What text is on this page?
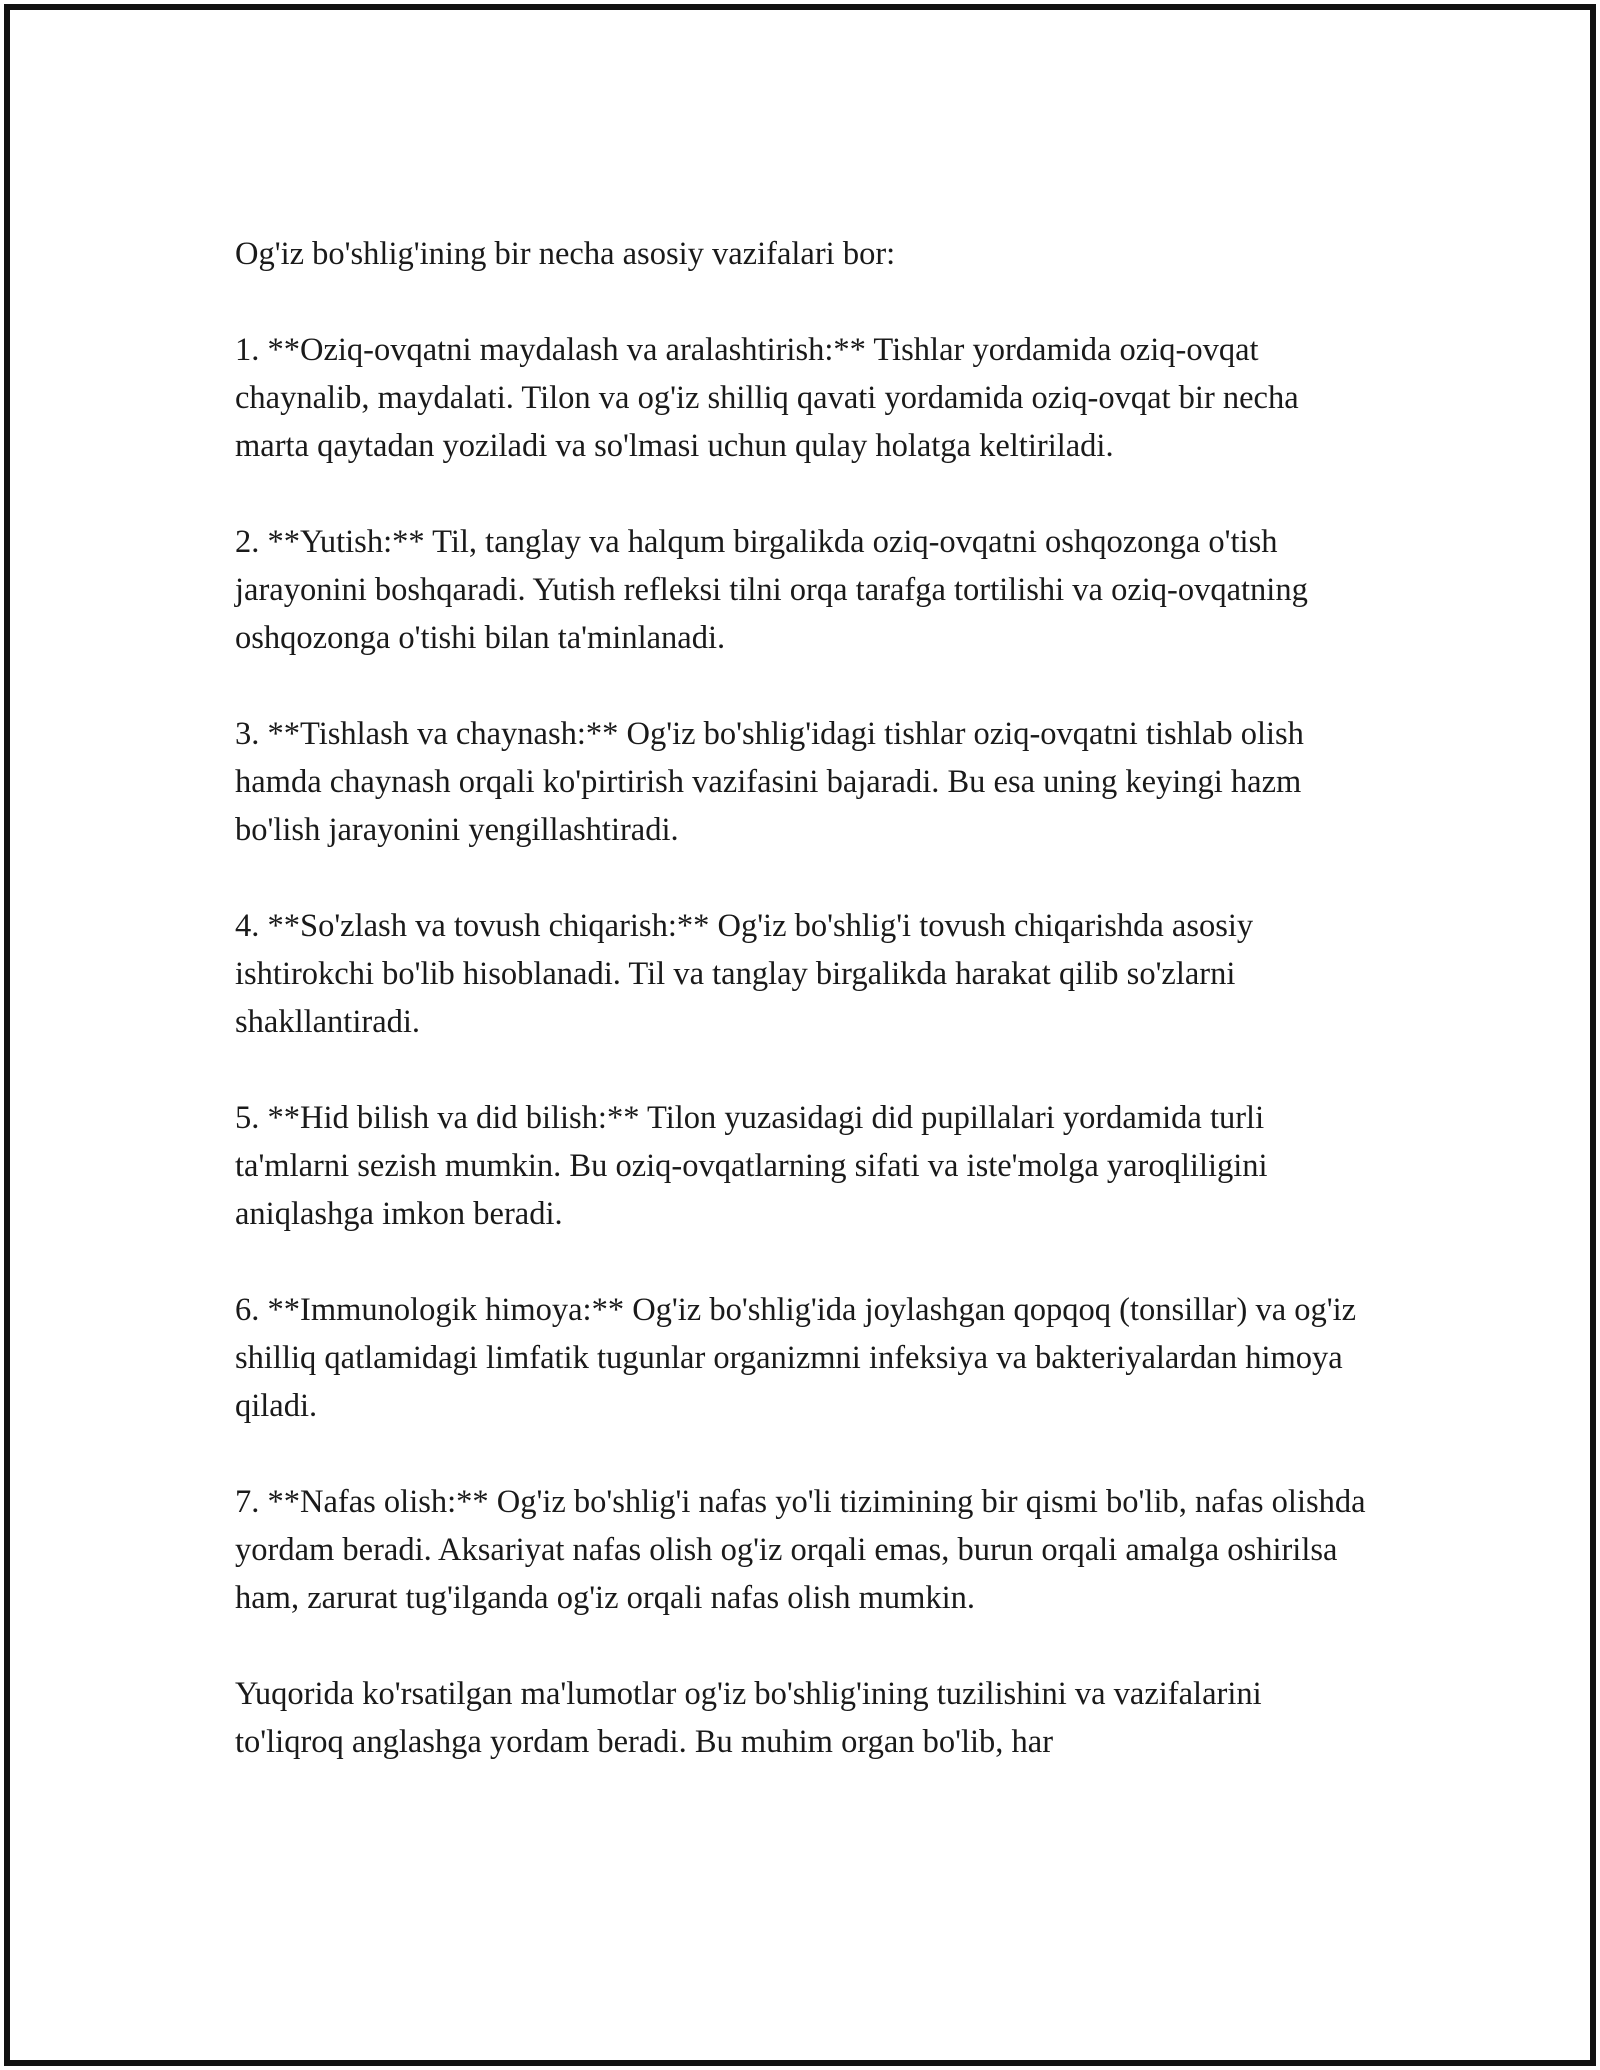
Og'iz bo'shlig'ining bir necha asosiy vazifalari bor:

1. **Oziq-ovqatni maydalash va aralashtirish:** Tishlar yordamida oziq-ovqat chaynalib, maydalati. Tilon va og'iz shilliq qavati yordamida oziq-ovqat bir necha marta qaytadan yoziladi va so'lmasi uchun qulay holatga keltiriladi.

2. **Yutish:** Til, tanglay va halqum birgalikda oziq-ovqatni oshqozonga o'tish jarayonini boshqaradi. Yutish refleksi tilni orqa tarafga tortilishi va oziq-ovqatning oshqozonga o'tishi bilan ta'minlanadi.

3. **Tishlash va chaynash:** Og'iz bo'shlig'idagi tishlar oziq-ovqatni tishlab olish hamda chaynash orqali ko'pirtirish vazifasini bajaradi. Bu esa uning keyingi hazm bo'lish jarayonini yengillashtiradi.

4. **So'zlash va tovush chiqarish:** Og'iz bo'shlig'i tovush chiqarishda asosiy ishtirokchi bo'lib hisoblanadi. Til va tanglay birgalikda harakat qilib so'zlarni shakllantiradi.

5. **Hid bilish va did bilish:** Tilon yuzasidagi did pupillalari yordamida turli ta'mlarni sezish mumkin. Bu oziq-ovqatlarning sifati va iste'molga yaroqliligini aniqlashga imkon beradi.

6. **Immunologik himoya:** Og'iz bo'shlig'ida joylashgan qopqoq (tonsillar) va og'iz shilliq qatlamidagi limfatik tugunlar organizmni infeksiya va bakteriyalardan himoya qiladi.

7. **Nafas olish:** Og'iz bo'shlig'i nafas yo'li tizimining bir qismi bo'lib, nafas olishda yordam beradi. Aksariyat nafas olish og'iz orqali emas, burun orqali amalga oshirilsa ham, zarurat tug'ilganda og'iz orqali nafas olish mumkin.

Yuqorida ko'rsatilgan ma'lumotlar og'iz bo'shlig'ining tuzilishini va vazifalarini to'liqroq anglashga yordam beradi. Bu muhim organ bo'lib, har
